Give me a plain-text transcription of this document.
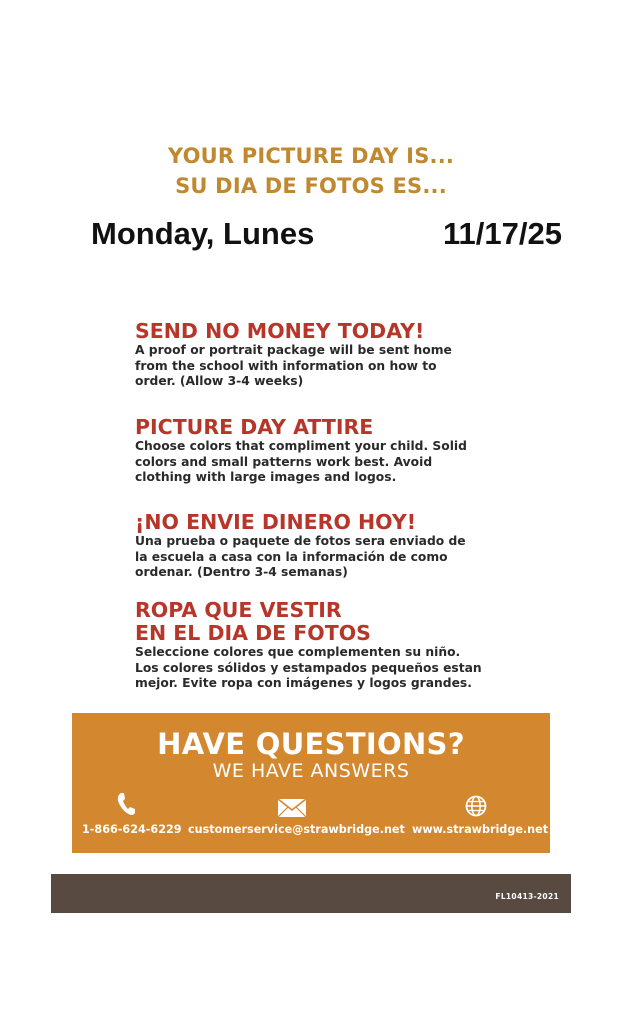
YOUR PICTURE DAY IS...
SU DIA DE FOTOS ES...
Monday, Lunes	11/17/25

SEND NO MONEY TODAY!

A proof or portrait package will be sent home
from the school with information on how to
order. (Allow 3-4 weeks)

PICTURE DAY ATTIRE

Choose colors that compliment your child. Solid
colors and small patterns work best. Avoid
clothing with large images and logos.

¡NO ENVIE DINERO HOY!

Una prueba o paquete de fotos sera enviado de
la escuela a casa con la información de como
ordenar. (Dentro 3-4 semanas)

ROPA QUE VESTIR
EN EL DIA DE FOTOS

Seleccione colores que complementen su niño.
Los colores sólidos y estampados pequeños estan
mejor. Evite ropa con imágenes y logos grandes.

HAVE QUESTIONS?
WE HAVE ANSWERS
1-866-624-6229 customerservice@strawbridge.net www.strawbridge.net
FL10413-2021
